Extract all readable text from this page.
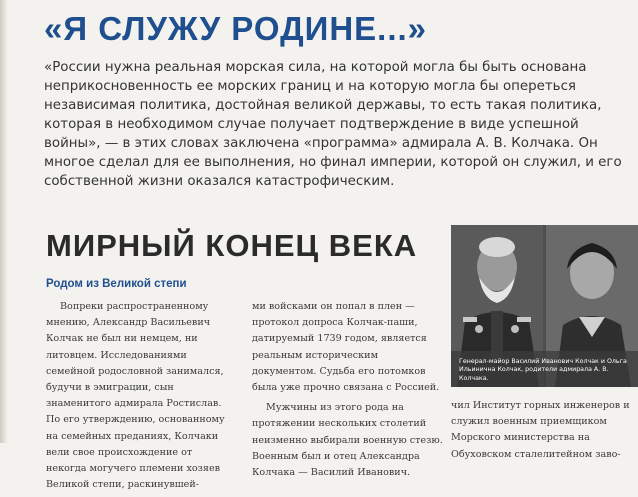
«Я СЛУЖУ РОДИНЕ...»

«России нужна реальная морская сила, на которой могла бы быть основана неприкосновенность ее морских границ и на которую могла бы опереться независимая политика, достойная великой державы, то есть такая политика, которая в необходимом случае получает подтверждение в виде успешной войны», — в этих словах заключена «программа» адмирала А. В. Колчака. Он многое сделал для ее выполнения, но финал империи, которой он служил, и его собственной жизни оказался катастрофическим.

МИРНЫЙ КОНЕЦ ВЕКА
Родом из Великой степи

Вопреки распространенному мнению, Александр Васильевич Колчак не был ни немцем, ни литовцем. Исследованиями семейной родословной занимался, будучи в эмиграции, сын знаменитого адмирала Ростислав. По его утверждению, основанному на семейных преданиях, Колчаки вели свое происхождение от некогда могучего племени хозяев Великой степи, раскинувшей-

ми войсками он попал в плен — протокол допроса Колчак-паши, датируемый 1739 годом, является реальным историческим документом. Судьба его потомков была уже прочно связана с Россией.

Мужчины из этого рода на протяжении нескольких столетий неизменно выбирали военную стезю. Военным был и отец Александра Колчака — Василий Иванович.

Генерал-майор Василий Иванович Колчак и Ольга Ильинична Колчак, родители адмирала А. В. Колчака.

чил Институт горных инженеров и служил военным приемщиком Морского министерства на Обуховском сталелитейном заво-
